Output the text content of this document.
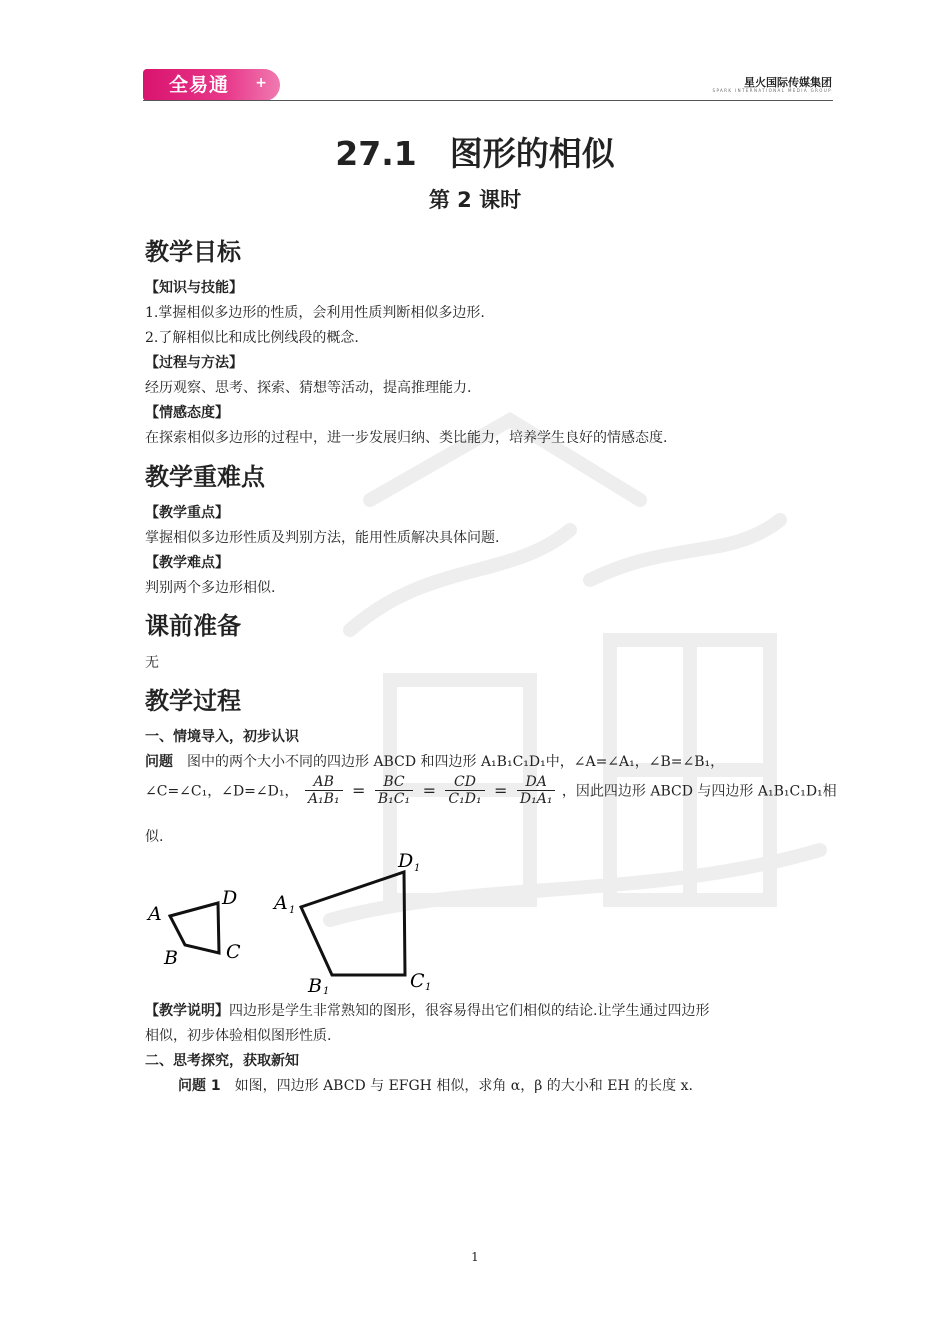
全易通 +	星火国际传媒集团
SPARK INTERNATIONAL MEDIA GROUP
27.1　图形的相似
第 2 课时
教学目标
【知识与技能】
1.掌握相似多边形的性质，会利用性质判断相似多边形.
2.了解相似比和成比例线段的概念.
【过程与方法】
经历观察、思考、探索、猜想等活动，提高推理能力.
【情感态度】
在探索相似多边形的过程中，进一步发展归纳、类比能力，培养学生良好的情感态度.
教学重难点
【教学重点】
掌握相似多边形性质及判别方法，能用性质解决具体问题.
【教学难点】
判别两个多边形相似.
课前准备
无
教学过程
一、情境导入，初步认识
问题　图中的两个大小不同的四边形 ABCD 和四边形 A₁B₁C₁D₁中，∠A=∠A₁，∠B=∠B₁，
∠C=∠C₁，∠D=∠D₁， $\frac{AB}{\text{A₁B₁}} = \frac{BC}{\text{B₁C₁}} = \frac{CD}{\text{C₁D₁}} = \frac{DA}{\text{D₁A₁}}$ ，因此四边形 ABCD 与四边形 A₁B₁C₁D₁相
似.
A
D
B	C
A 1
D 1
B 1	C 1
【教学说明】四边形是学生非常熟知的图形，很容易得出它们相似的结论.让学生通过四边形
相似，初步体验相似图形性质.
二、思考探究，获取新知
问题 1　如图，四边形 ABCD 与 EFGH 相似，求角 α，β 的大小和 EH 的长度 x.
1
